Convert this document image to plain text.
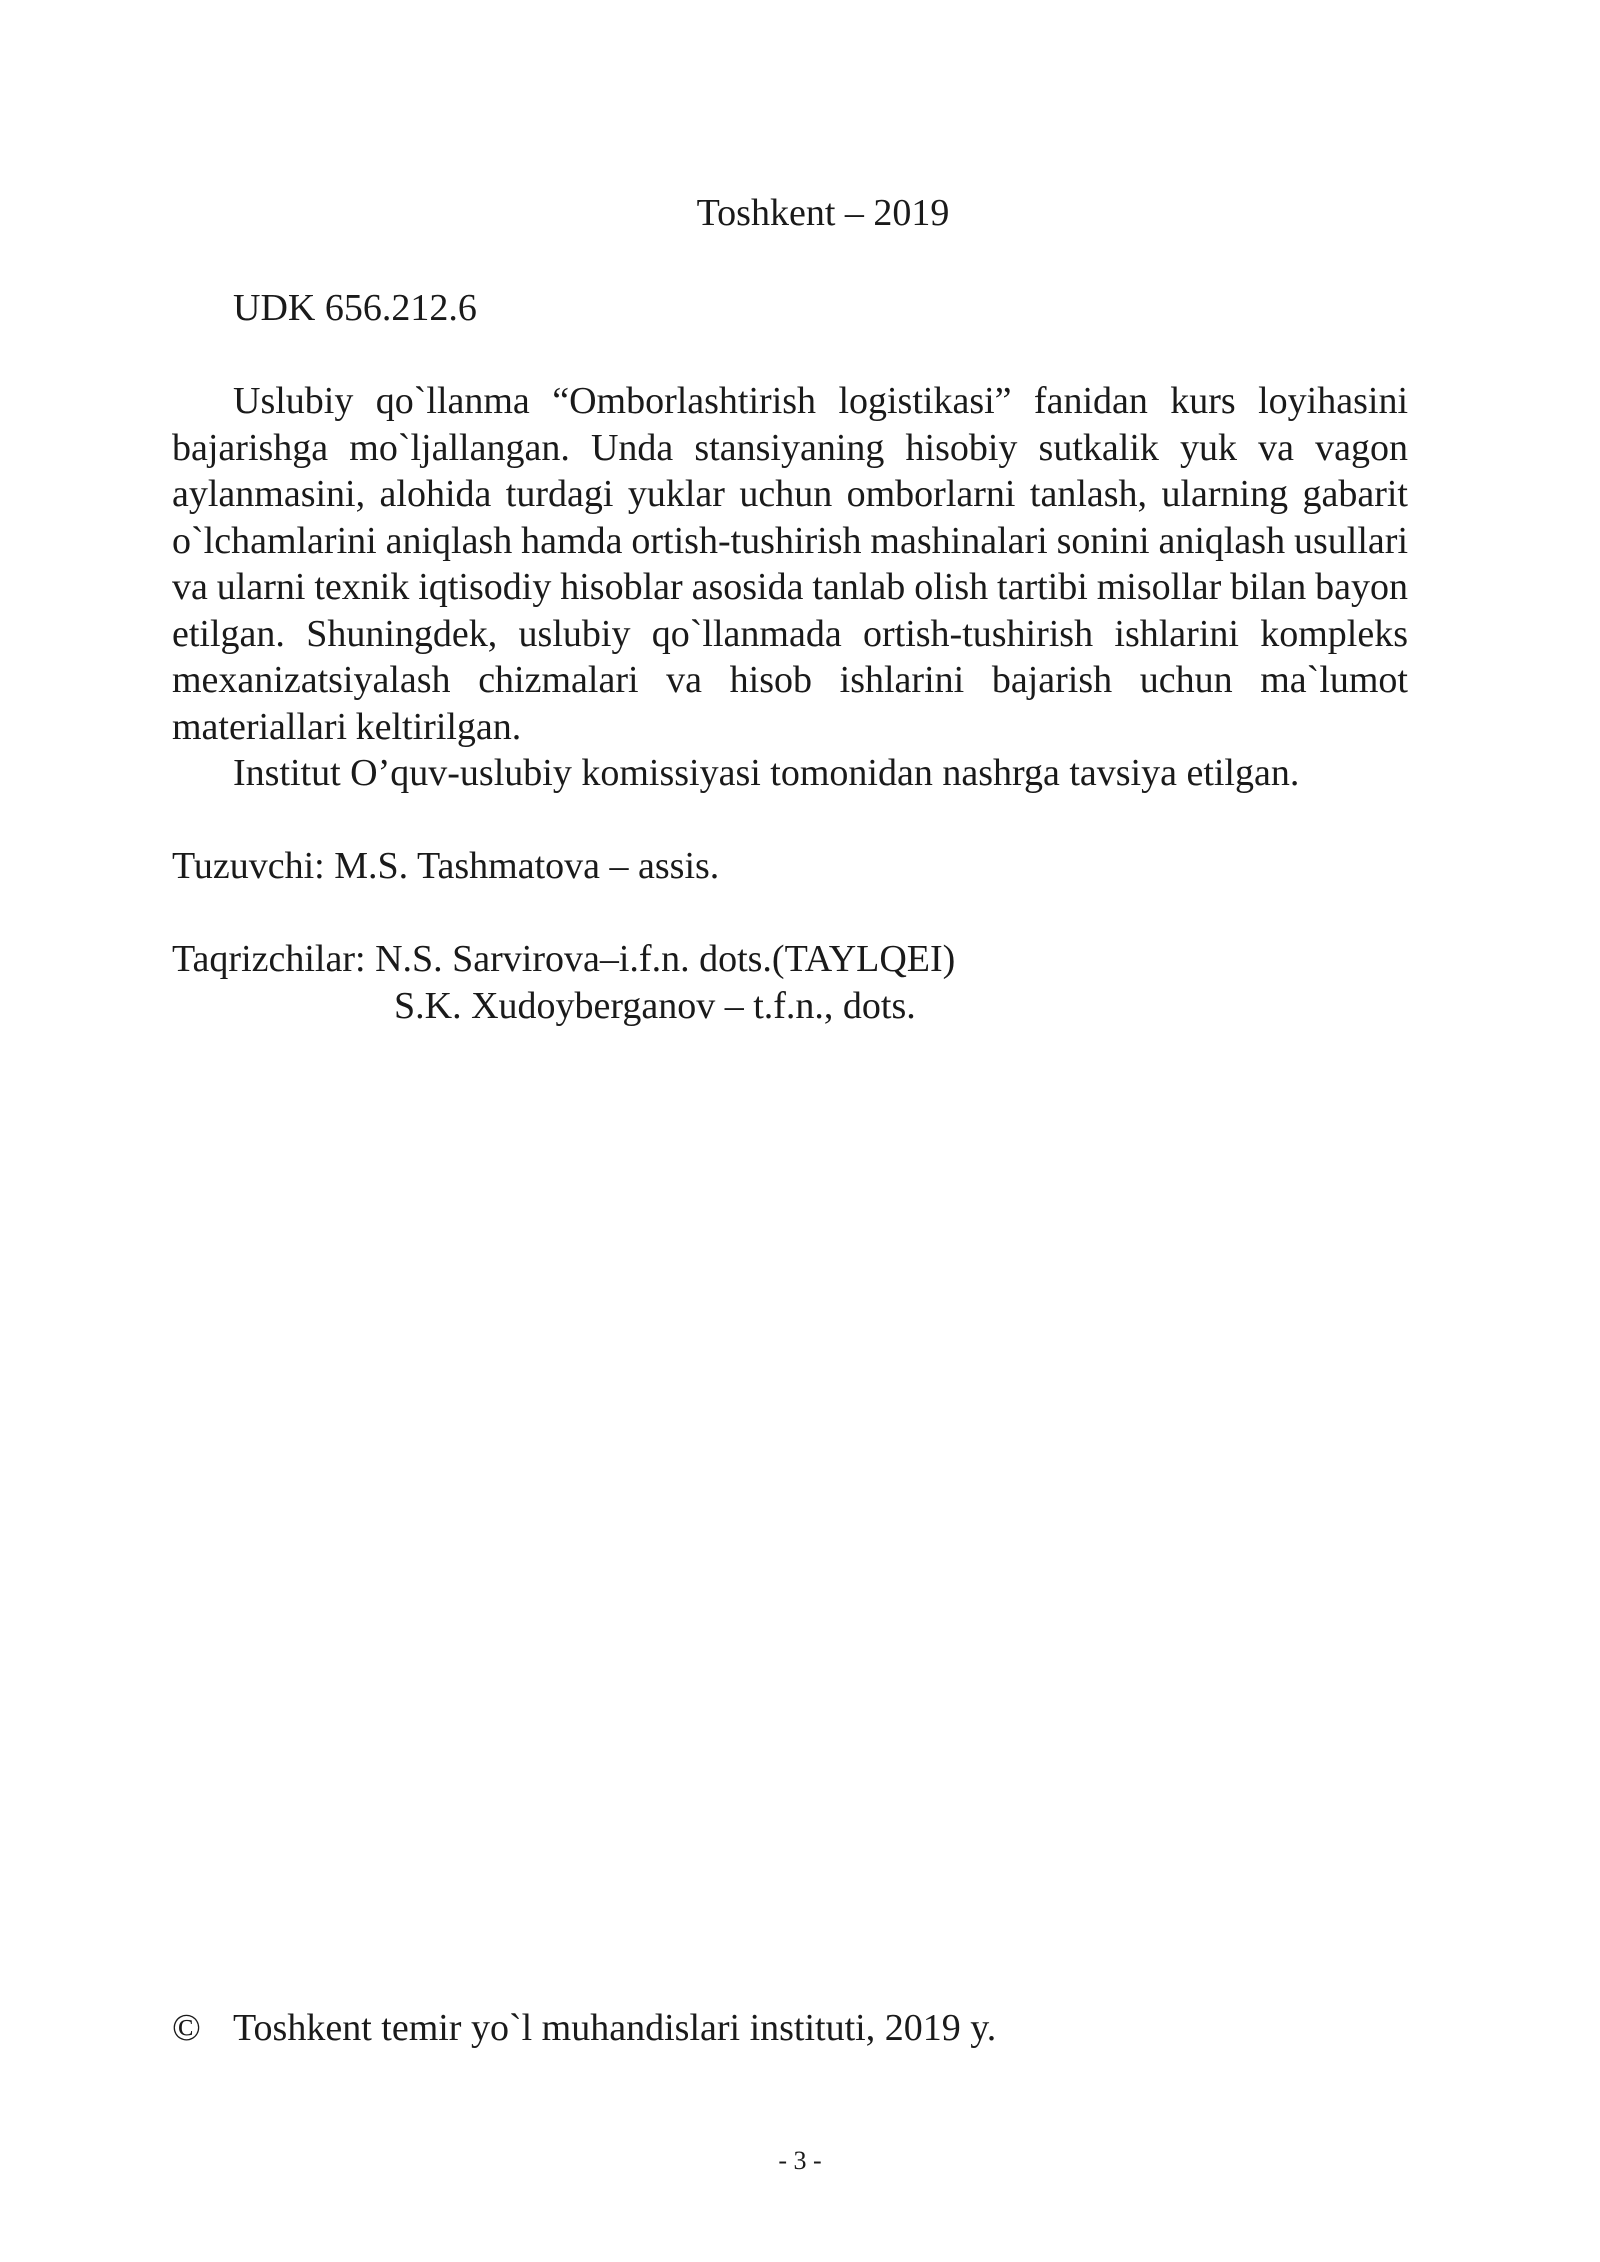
Toshkent – 2019
UDK 656.212.6

Uslubiy qo`llanma “Omborlashtirish logistikasi” fanidan kurs loyihasini bajarishga mo`ljallangan. Unda stansiyaning hisobiy sutkalik yuk va vagon aylanmasini, alohida turdagi yuklar uchun omborlarni tanlash, ularning gabarit o`lchamlarini aniqlash hamda ortish-tushirish mashinalari sonini aniqlash usullari va ularni texnik iqtisodiy hisoblar asosida tanlab olish tartibi misollar bilan bayon etilgan. Shuningdek, uslubiy qo`llanmada ortish-tushirish ishlarini kompleks mexanizatsiyalash chizmalari va hisob ishlarini bajarish uchun ma`lumot materiallari keltirilgan.

Institut O’quv-uslubiy komissiyasi tomonidan nashrga tavsiya etilgan.

Tuzuvchi: M.S. Tashmatova – assis.
Taqrizchilar: N.S. Sarvirova–i.f.n. dots.(TAYLQEI)
S.K. Xudoyberganov – t.f.n., dots.
© Toshkent temir yo`l muhandislari instituti, 2019 y.
- 3 -
